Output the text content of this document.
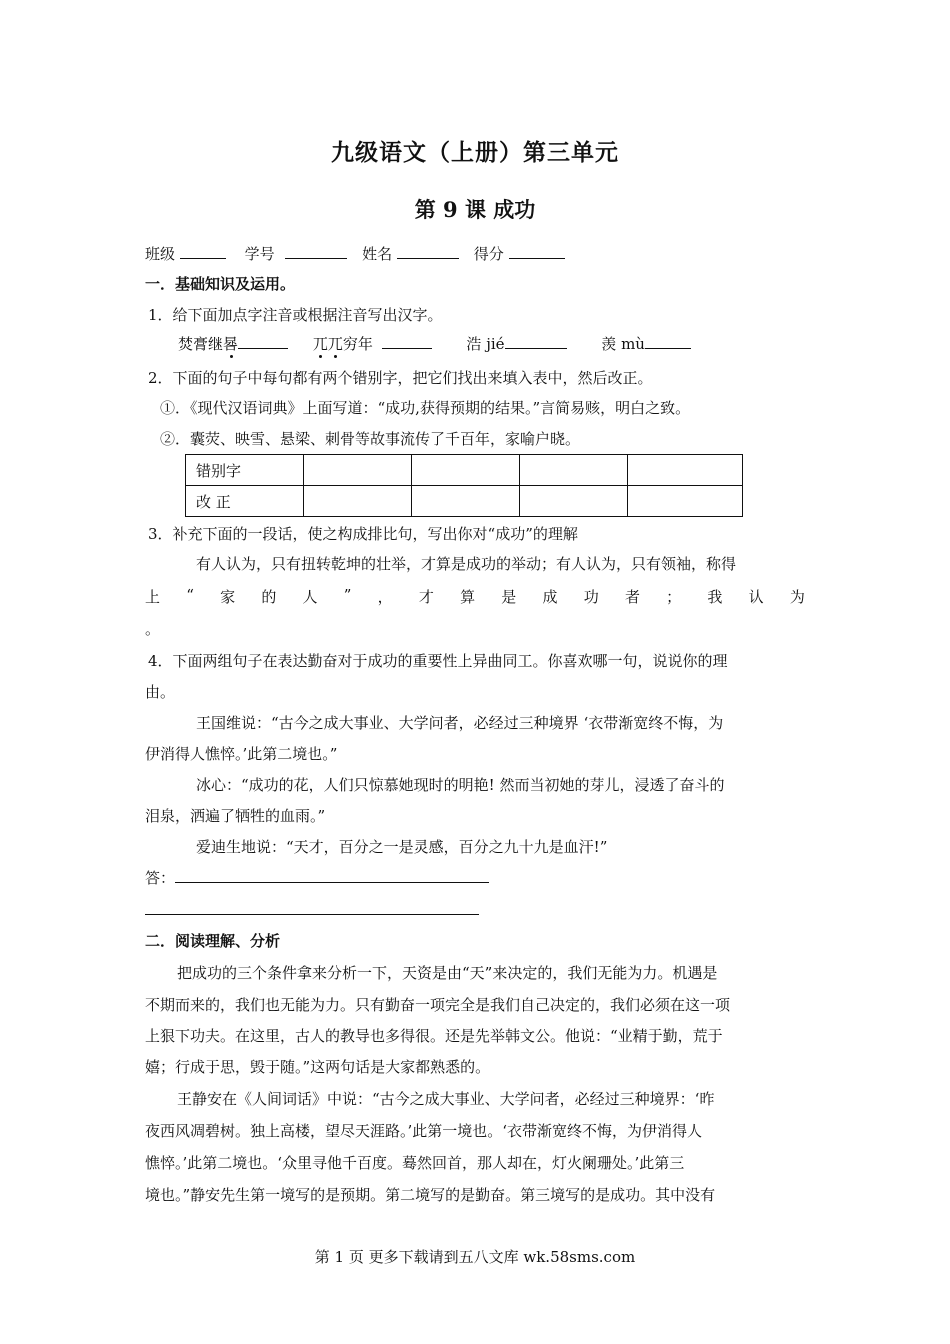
九级语文（上册）第三单元
第 9 课 成功
班级	学号	姓名	得分
一．基础知识及运用。
1．给下面加点字注音或根据注音写出汉字。
焚膏继晷	兀兀穷年	浩 jié	羡 mù
2．下面的句子中每句都有两个错别字，把它们找出来填入表中，然后改正。
①．《现代汉语词典》上面写道：“成功,获得预期的结果。”言简易赅，明白之致。
②．囊荧、映雪、悬梁、刺骨等故事流传了千百年，家喻户晓。
错别字				
改 正				
3．补充下面的一段话，使之构成排比句，写出你对“成功”的理解
有人认为，只有扭转乾坤的壮举，才算是成功的举动；有人认为，只有领袖，称得
上 “ 家 的 人 ” ， 才 算 是 成 功 者 ； 我 认 为
。
4．下面两组句子在表达勤奋对于成功的重要性上异曲同工。你喜欢哪一句，说说你的理
由。
王国维说：“古今之成大事业、大学问者，必经过三种境界 ‘衣带渐宽终不悔，为
伊消得人憔悴。’此第二境也。”
冰心：“成功的花，人们只惊慕她现时的明艳! 然而当初她的芽儿，浸透了奋斗的
泪泉，洒遍了牺牲的血雨。”
爱迪生地说：“天才，百分之一是灵感，百分之九十九是血汗!”
答：
二．阅读理解、分析
把成功的三个条件拿来分析一下，天资是由“天”来决定的，我们无能为力。机遇是
不期而来的，我们也无能为力。只有勤奋一项完全是我们自己决定的，我们必须在这一项
上狠下功夫。在这里，古人的教导也多得很。还是先举韩文公。他说：“业精于勤，荒于
嬉；行成于思，毁于随。”这两句话是大家都熟悉的。
王静安在《人间词话》中说：“古今之成大事业、大学问者，必经过三种境界：‘昨
夜西风凋碧树。独上高楼，望尽天涯路。’此第一境也。‘衣带渐宽终不悔，为伊消得人
憔悴。’此第二境也。‘众里寻他千百度。蓦然回首，那人却在，灯火阑珊处。’此第三
境也。”静安先生第一境写的是预期。第二境写的是勤奋。第三境写的是成功。其中没有
第 1 页 更多下载请到五八文库 wk.58sms.com
